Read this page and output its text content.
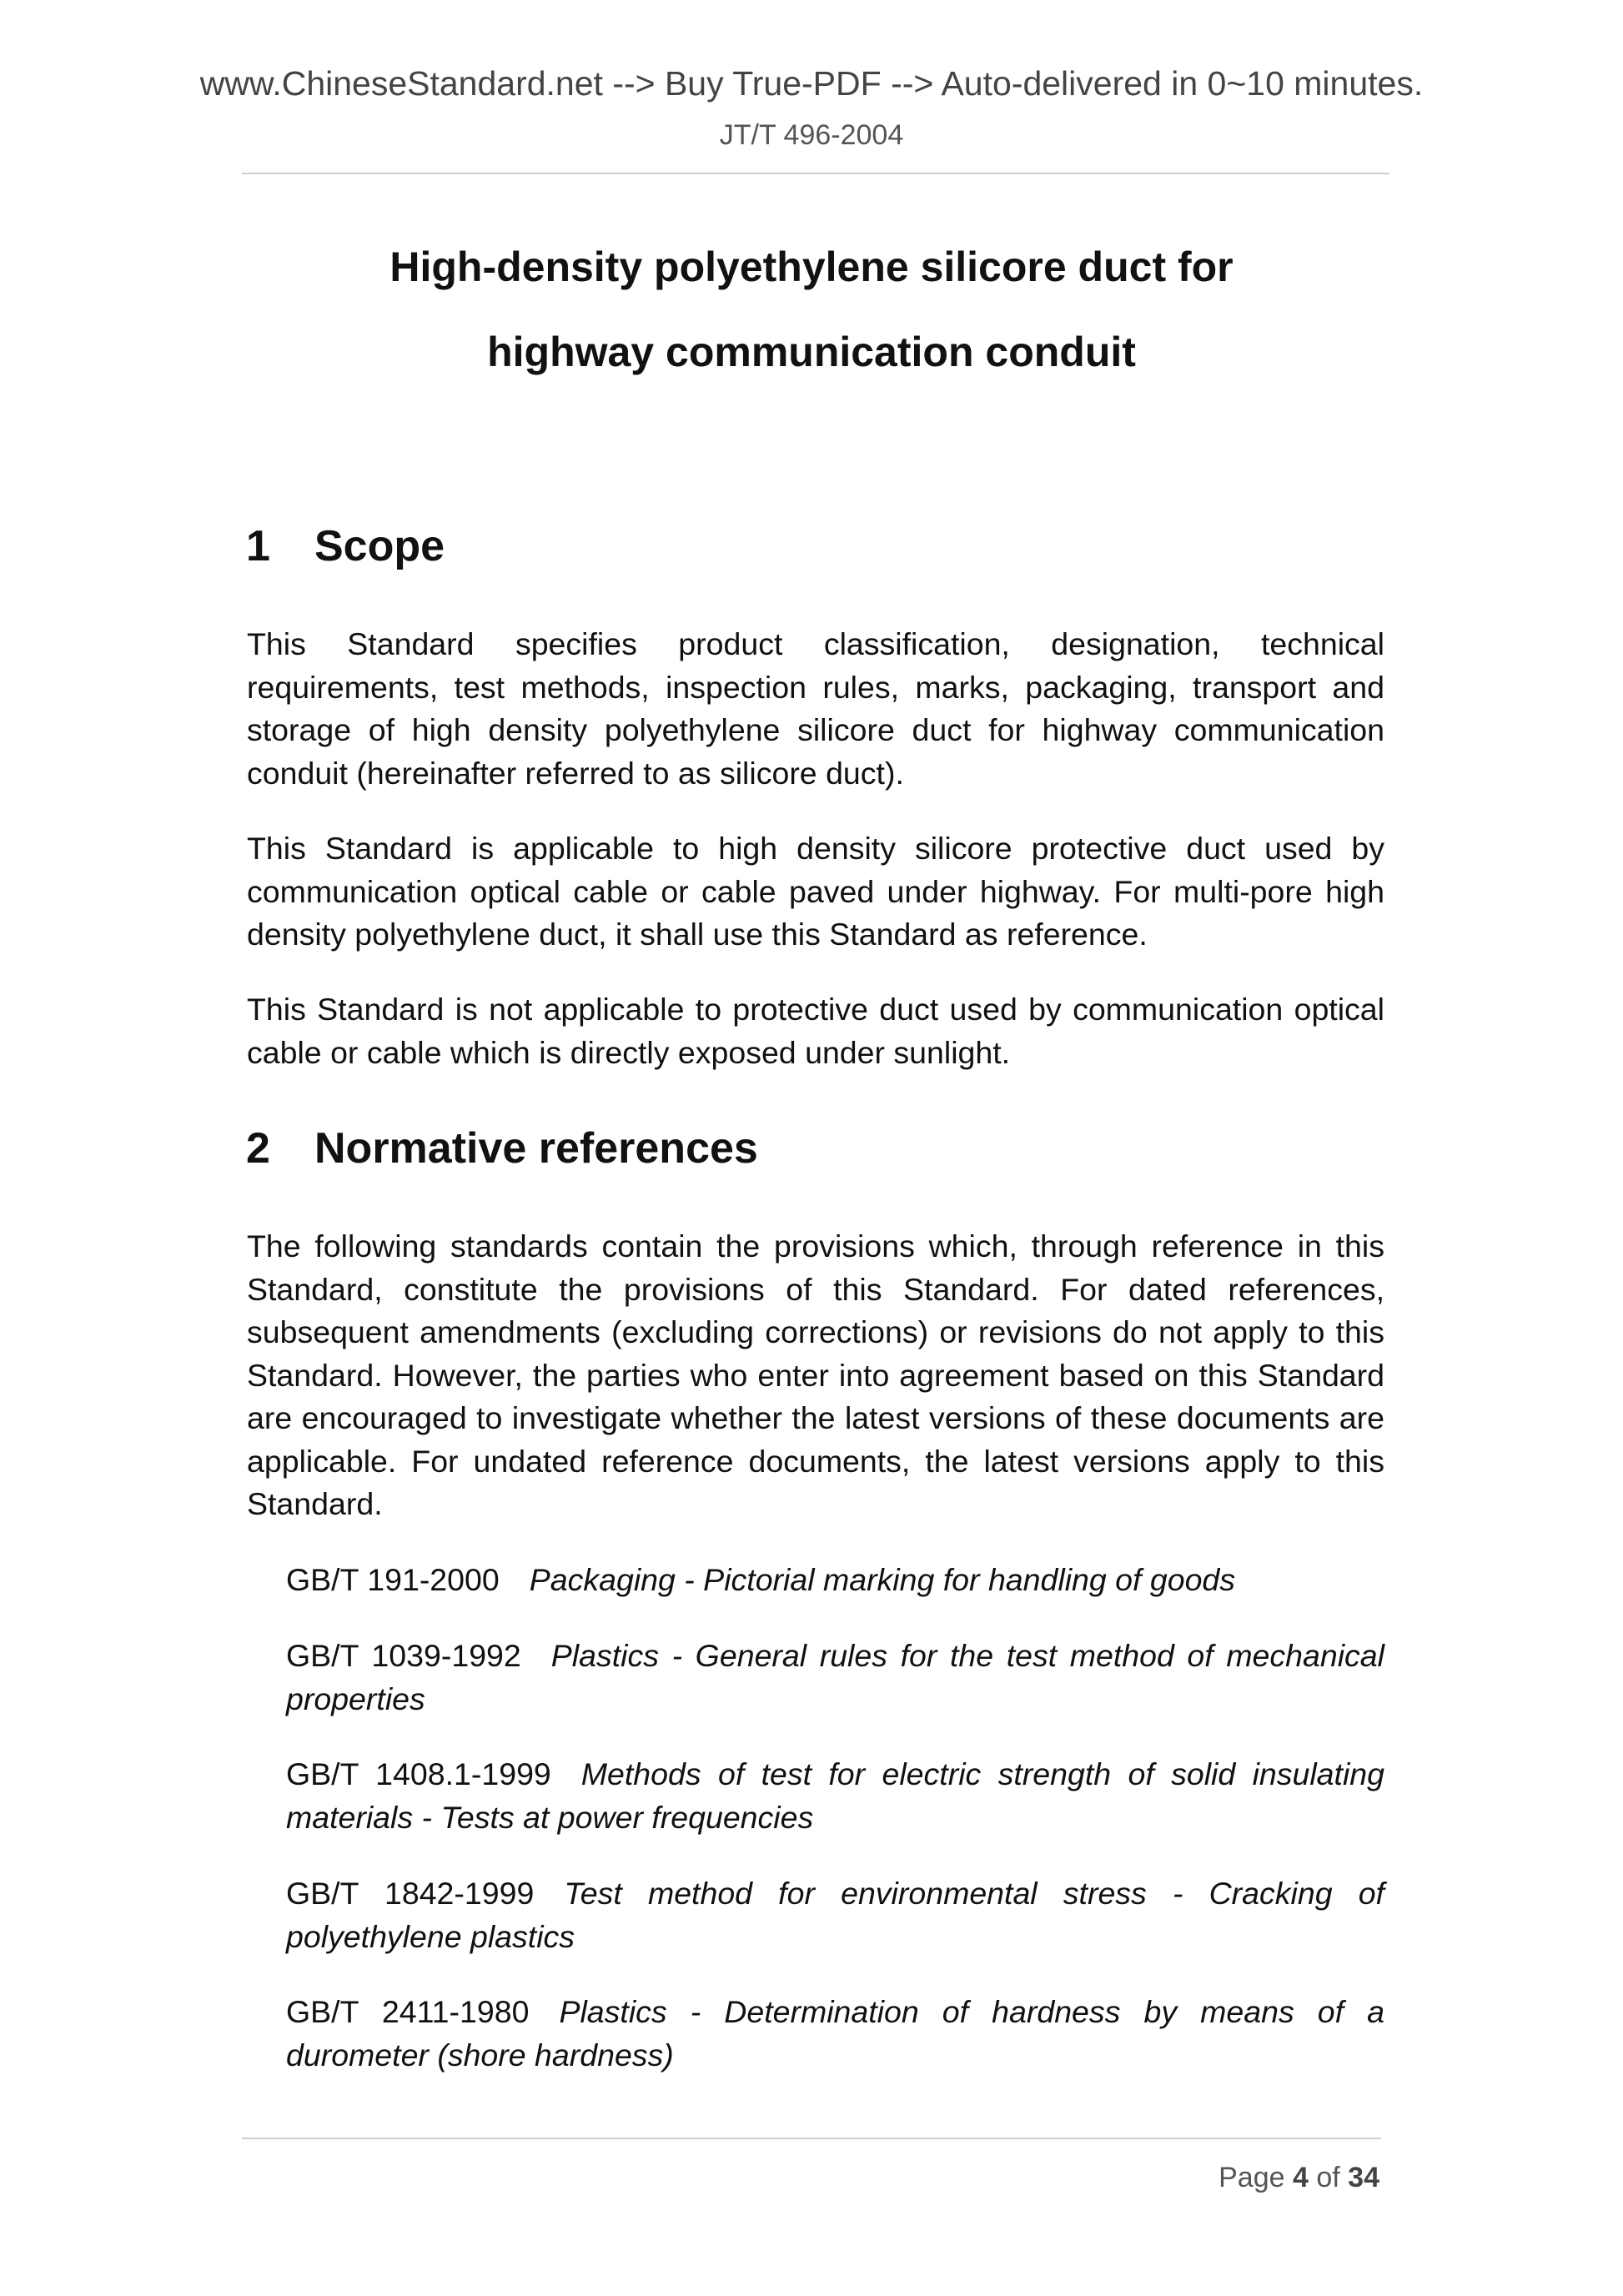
www.ChineseStandard.net --> Buy True-PDF --> Auto-delivered in 0~10 minutes.
JT/T 496-2004
High-density polyethylene silicore duct for
highway communication conduit
1 Scope
This Standard specifies product classification, designation, technical requirements, test methods, inspection rules, marks, packaging, transport and storage of high density polyethylene silicore duct for highway communication conduit (hereinafter referred to as silicore duct).
This Standard is applicable to high density silicore protective duct used by communication optical cable or cable paved under highway. For multi-pore high density polyethylene duct, it shall use this Standard as reference.
This Standard is not applicable to protective duct used by communication optical cable or cable which is directly exposed under sunlight.
2 Normative references
The following standards contain the provisions which, through reference in this Standard, constitute the provisions of this Standard. For dated references, subsequent amendments (excluding corrections) or revisions do not apply to this Standard. However, the parties who enter into agreement based on this Standard are encouraged to investigate whether the latest versions of these documents are applicable. For undated reference documents, the latest versions apply to this Standard.
GB/T 191-2000 Packaging - Pictorial marking for handling of goods
GB/T 1039-1992 Plastics - General rules for the test method of mechanical properties
GB/T 1408.1-1999 Methods of test for electric strength of solid insulating materials - Tests at power frequencies
GB/T 1842-1999 Test method for environmental stress - Cracking of polyethylene plastics
GB/T 2411-1980 Plastics - Determination of hardness by means of a durometer (shore hardness)
Page 4 of 34
